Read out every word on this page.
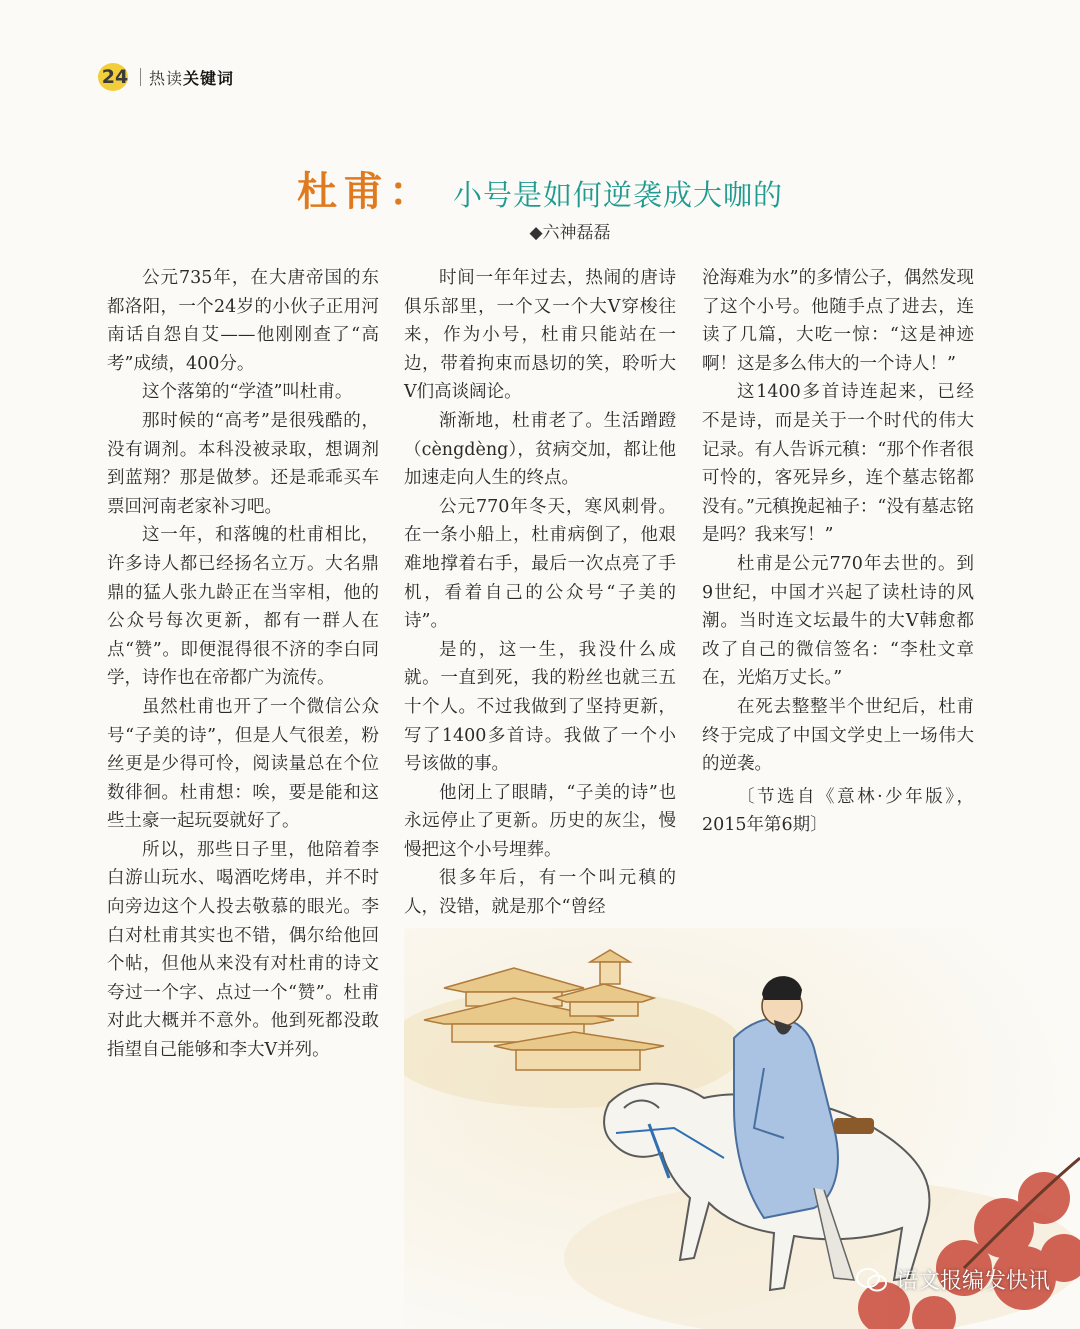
24 热读关键词
杜甫： 小号是如何逆袭成大咖的
◆六神磊磊

公元735年，在大唐帝国的东都洛阳，一个24岁的小伙子正用河南话自怨自艾——他刚刚查了“高考”成绩，400分。

这个落第的“学渣”叫杜甫。

那时候的“高考”是很残酷的，没有调剂。本科没被录取，想调剂到蓝翔？那是做梦。还是乖乖买车票回河南老家补习吧。

这一年，和落魄的杜甫相比，许多诗人都已经扬名立万。大名鼎鼎的猛人张九龄正在当宰相，他的公众号每次更新，都有一群人在点“赞”。即便混得很不济的李白同学，诗作也在帝都广为流传。

虽然杜甫也开了一个微信公众号“子美的诗”，但是人气很差，粉丝更是少得可怜，阅读量总在个位数徘徊。杜甫想：唉，要是能和这些土豪一起玩耍就好了。

所以，那些日子里，他陪着李白游山玩水、喝酒吃烤串，并不时向旁边这个人投去敬慕的眼光。李白对杜甫其实也不错，偶尔给他回个帖，但他从来没有对杜甫的诗文夸过一个字、点过一个“赞”。杜甫对此大概并不意外。他到死都没敢指望自己能够和李大V并列。

时间一年年过去，热闹的唐诗俱乐部里，一个又一个大V穿梭往来，作为小号，杜甫只能站在一边，带着拘束而恳切的笑，聆听大V们高谈阔论。

渐渐地，杜甫老了。生活蹭蹬（cèngdèng），贫病交加，都让他加速走向人生的终点。

公元770年冬天，寒风刺骨。在一条小船上，杜甫病倒了，他艰难地撑着右手，最后一次点亮了手机，看着自己的公众号“子美的诗”。

是的，这一生，我没什么成就。一直到死，我的粉丝也就三五十个人。不过我做到了坚持更新，写了1400多首诗。我做了一个小号该做的事。

他闭上了眼睛，“子美的诗”也永远停止了更新。历史的灰尘，慢慢把这个小号埋葬。

很多年后，有一个叫元稹的人，没错，就是那个“曾经

沧海难为水”的多情公子，偶然发现了这个小号。他随手点了进去，连读了几篇，大吃一惊：“这是神迹啊！这是多么伟大的一个诗人！”

这1400多首诗连起来，已经不是诗，而是关于一个时代的伟大记录。有人告诉元稹：“那个作者很可怜的，客死异乡，连个墓志铭都没有。”元稹挽起袖子：“没有墓志铭是吗？我来写！”

杜甫是公元770年去世的。到9世纪，中国才兴起了读杜诗的风潮。当时连文坛最牛的大V韩愈都改了自己的微信签名：“李杜文章在，光焰万丈长。”

在死去整整半个世纪后，杜甫终于完成了中国文学史上一场伟大的逆袭。

〔节选自《意林·少年版》，2015年第6期〕

语文报编发快讯
